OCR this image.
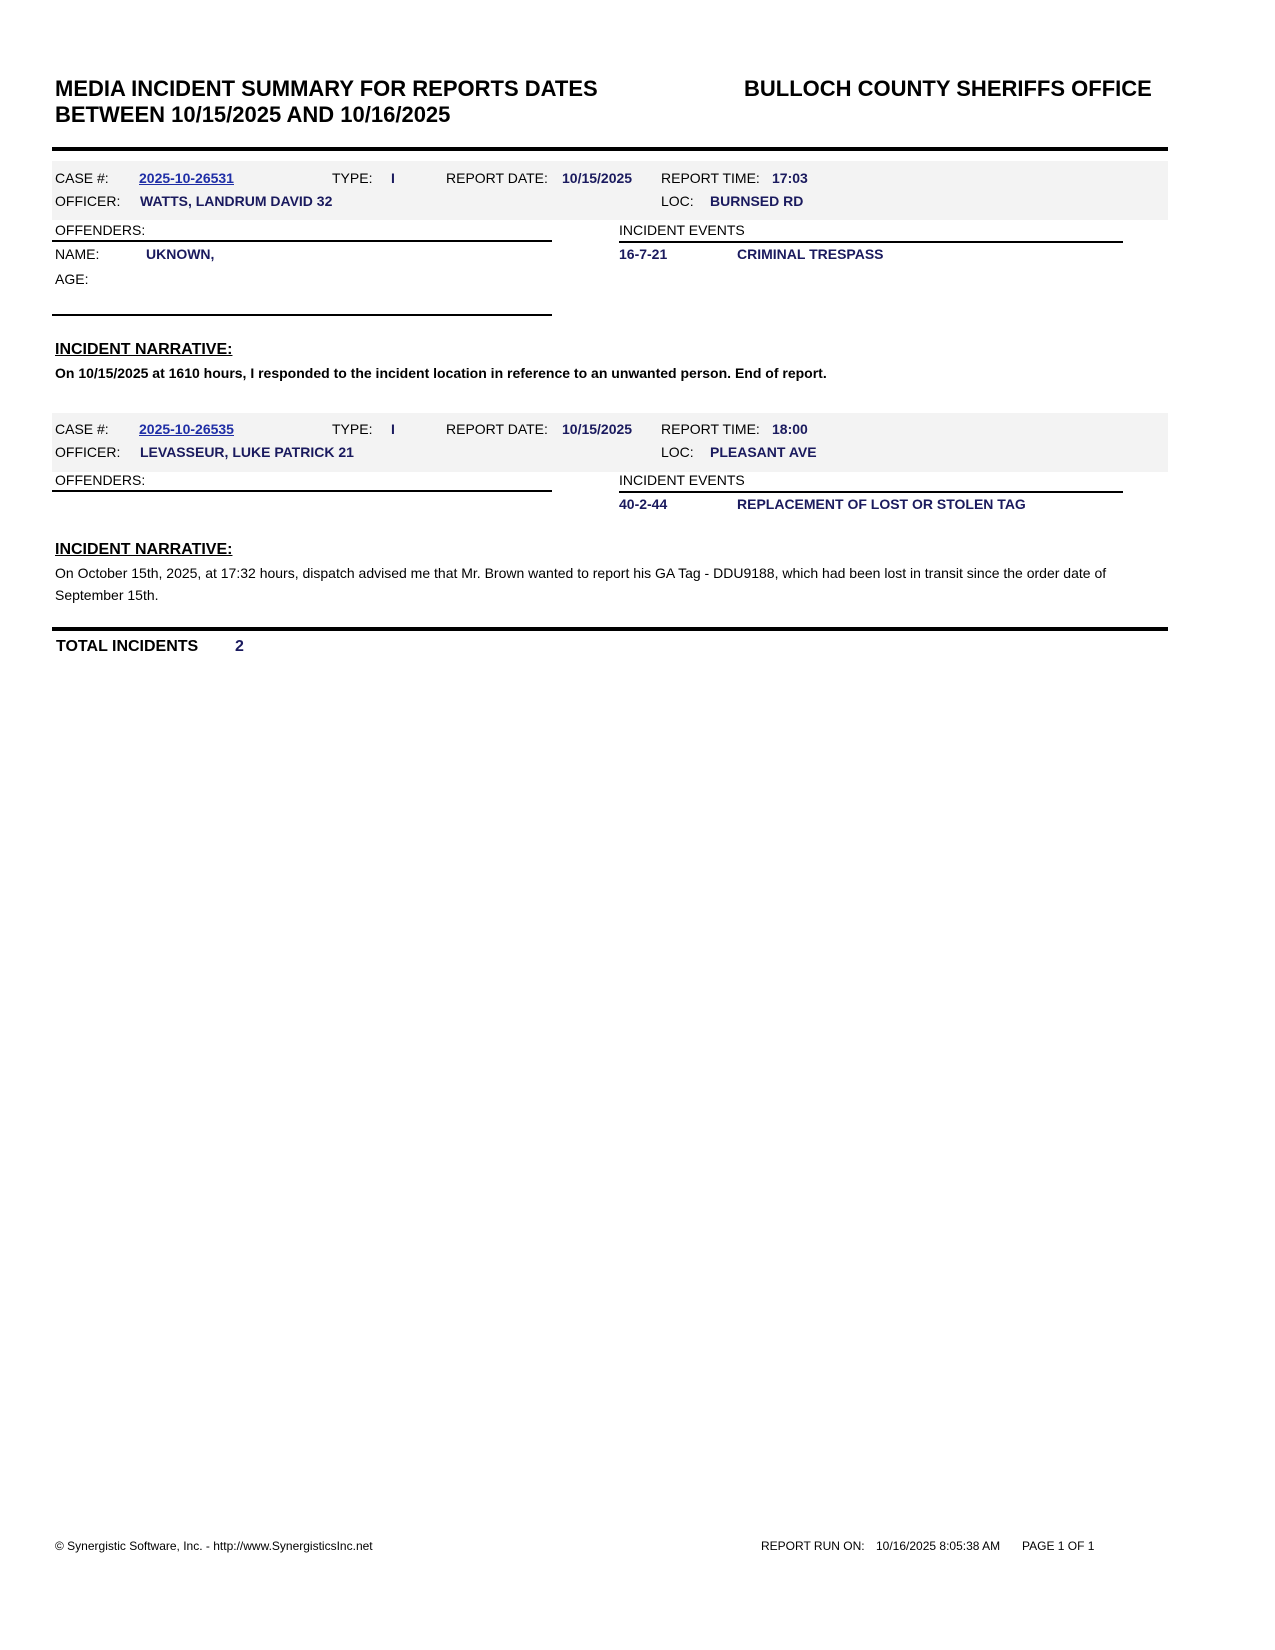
MEDIA INCIDENT SUMMARY FOR REPORTS DATES
BETWEEN 10/15/2025 AND 10/16/2025
BULLOCH COUNTY SHERIFFS OFFICE
CASE #: 2025-10-26531	TYPE: I	REPORT DATE: 10/15/2025 REPORT TIME: 17:03
OFFICER: WATTS, LANDRUM DAVID 32	LOC: BURNSED RD
OFFENDERS:	INCIDENT EVENTS
NAME:	UKNOWN,	16-7-21	CRIMINAL TRESPASS
AGE:
INCIDENT NARRATIVE:
On 10/15/2025 at 1610 hours, I responded to the incident location in reference to an unwanted person. End of report.
CASE #: 2025-10-26535	TYPE: I	REPORT DATE: 10/15/2025 REPORT TIME: 18:00
OFFICER: LEVASSEUR, LUKE PATRICK 21	LOC: PLEASANT AVE
OFFENDERS:	INCIDENT EVENTS
40-2-44	REPLACEMENT OF LOST OR STOLEN TAG
INCIDENT NARRATIVE:
On October 15th, 2025, at 17:32 hours, dispatch advised me that Mr. Brown wanted to report his GA Tag - DDU9188, which had been lost in transit since the order date of September 15th.
TOTAL INCIDENTS 2
© Synergistic Software, Inc. - http://www.SynergisticsInc.net	REPORT RUN ON: 10/16/2025 8:05:38 AM PAGE 1 OF 1
